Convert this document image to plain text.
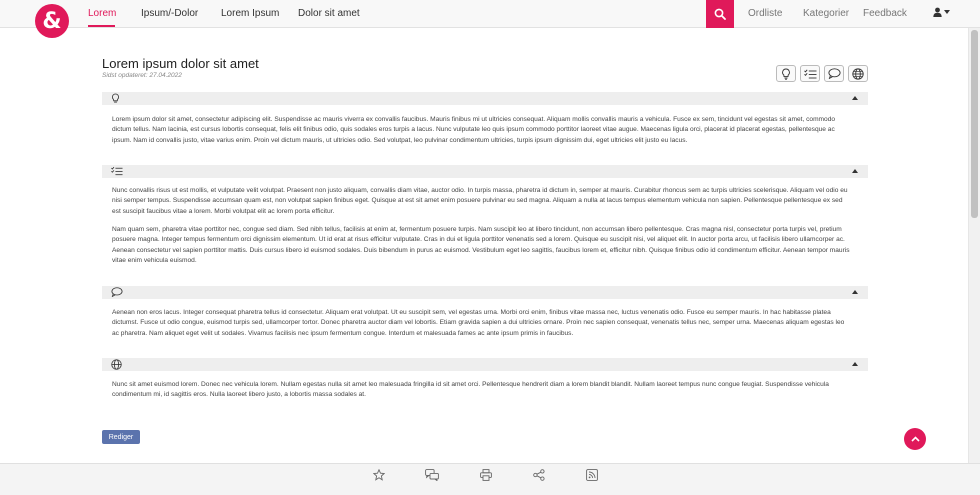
Lorem Ipsum/-Dolor Lorem Ipsum Dolor sit amet	Ordliste Kategorier Feedback
&
Lorem ipsum dolor sit amet
Sidst opdateret: 27.04.2022
Lorem ipsum dolor sit amet, consectetur adipiscing elit. Suspendisse ac mauris viverra ex convallis faucibus. Mauris finibus mi ut ultricies consequat. Aliquam mollis convallis mauris a vehicula. Fusce ex sem, tincidunt vel egestas sit amet, commodo dictum tellus. Nam lacinia, est cursus lobortis consequat, felis elit finibus odio, quis sodales eros turpis a lacus. Nunc vulputate leo quis ipsum commodo porttitor laoreet vitae augue. Maecenas ligula orci, placerat id placerat egestas, pellentesque ac ipsum. Nam id convallis justo, vitae varius enim. Proin vel dictum mauris, ut ultricies odio. Sed volutpat, leo pulvinar condimentum ultricies, turpis ipsum dignissim dui, eget ultricies elit justo eu lacus.
Nunc convallis risus ut est mollis, et vulputate velit volutpat. Praesent non justo aliquam, convallis diam vitae, auctor odio. In turpis massa, pharetra id dictum in, semper at mauris. Curabitur rhoncus sem ac turpis ultricies scelerisque. Aliquam vel odio eu nisi semper tempus. Suspendisse accumsan quam est, non volutpat sapien finibus eget. Quisque at est sit amet enim posuere pulvinar eu sed magna. Aliquam a nulla at lacus tempus elementum vehicula non sapien. Pellentesque pellentesque ex sed est suscipit faucibus vitae a lorem. Morbi volutpat elit ac lorem porta efficitur.
Nam quam sem, pharetra vitae porttitor nec, congue sed diam. Sed nibh tellus, facilisis at enim at, fermentum posuere turpis. Nam suscipit leo at libero tincidunt, non accumsan libero pellentesque. Cras magna nisl, consectetur porta turpis vel, pretium posuere magna. Integer tempus fermentum orci dignissim elementum. Ut id erat at risus efficitur vulputate. Cras in dui et ligula porttitor venenatis sed a lorem. Quisque eu suscipit nisi, vel aliquet elit. In auctor porta arcu, ut facilisis libero ullamcorper ac. Aenean consectetur vel sapien porttitor mattis. Duis cursus libero id euismod sodales. Duis bibendum in purus ac euismod. Vestibulum eget leo sagittis, faucibus lorem et, efficitur nibh. Quisque finibus odio id condimentum efficitur. Aenean tempor mauris vitae enim vehicula euismod.
Aenean non eros lacus. Integer consequat pharetra tellus id consectetur. Aliquam erat volutpat. Ut eu suscipit sem, vel egestas urna. Morbi orci enim, finibus vitae massa nec, luctus venenatis odio. Fusce eu semper mauris. In hac habitasse platea dictumst. Fusce ut odio congue, euismod turpis sed, ullamcorper tortor. Donec pharetra auctor diam vel lobortis. Etiam gravida sapien a dui ultricies ornare. Proin nec sapien consequat, venenatis tellus nec, semper urna. Maecenas aliquam egestas leo ac pharetra. Nam aliquet eget velit ut sodales. Vivamus facilisis nec ipsum fermentum congue. Interdum et malesuada fames ac ante ipsum primis in faucibus.
Nunc sit amet euismod lorem. Donec nec vehicula lorem. Nullam egestas nulla sit amet leo malesuada fringilla id sit amet orci. Pellentesque hendrerit diam a lorem blandit blandit. Nullam laoreet tempus nunc congue feugiat. Suspendisse vehicula condimentum mi, id sagittis eros. Nulla laoreet libero justo, a lobortis massa sodales at.
Rediger
